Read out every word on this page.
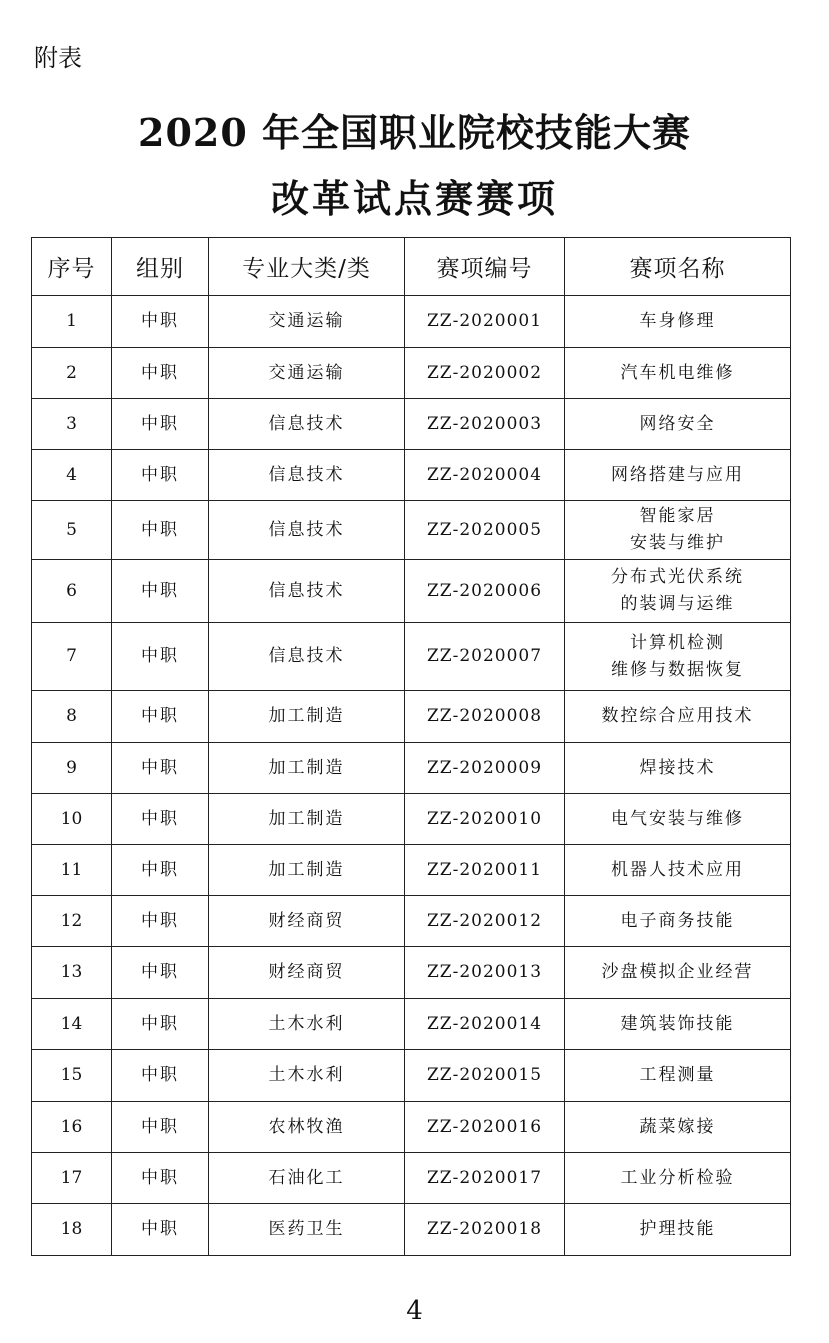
附表
2020 年全国职业院校技能大赛
改革试点赛赛项
序号	组别	专业大类/类	赛项编号	赛项名称
1	中职	交通运输	ZZ-2020001	车身修理
2	中职	交通运输	ZZ-2020002	汽车机电维修
3	中职	信息技术	ZZ-2020003	网络安全
4	中职	信息技术	ZZ-2020004	网络搭建与应用
5	中职	信息技术	ZZ-2020005	智能家居
安装与维护
6	中职	信息技术	ZZ-2020006	分布式光伏系统
的装调与运维
7	中职	信息技术	ZZ-2020007	计算机检测
维修与数据恢复
8	中职	加工制造	ZZ-2020008	数控综合应用技术
9	中职	加工制造	ZZ-2020009	焊接技术
10	中职	加工制造	ZZ-2020010	电气安装与维修
11	中职	加工制造	ZZ-2020011	机器人技术应用
12	中职	财经商贸	ZZ-2020012	电子商务技能
13	中职	财经商贸	ZZ-2020013	沙盘模拟企业经营
14	中职	土木水利	ZZ-2020014	建筑装饰技能
15	中职	土木水利	ZZ-2020015	工程测量
16	中职	农林牧渔	ZZ-2020016	蔬菜嫁接
17	中职	石油化工	ZZ-2020017	工业分析检验
18	中职	医药卫生	ZZ-2020018	护理技能
4
